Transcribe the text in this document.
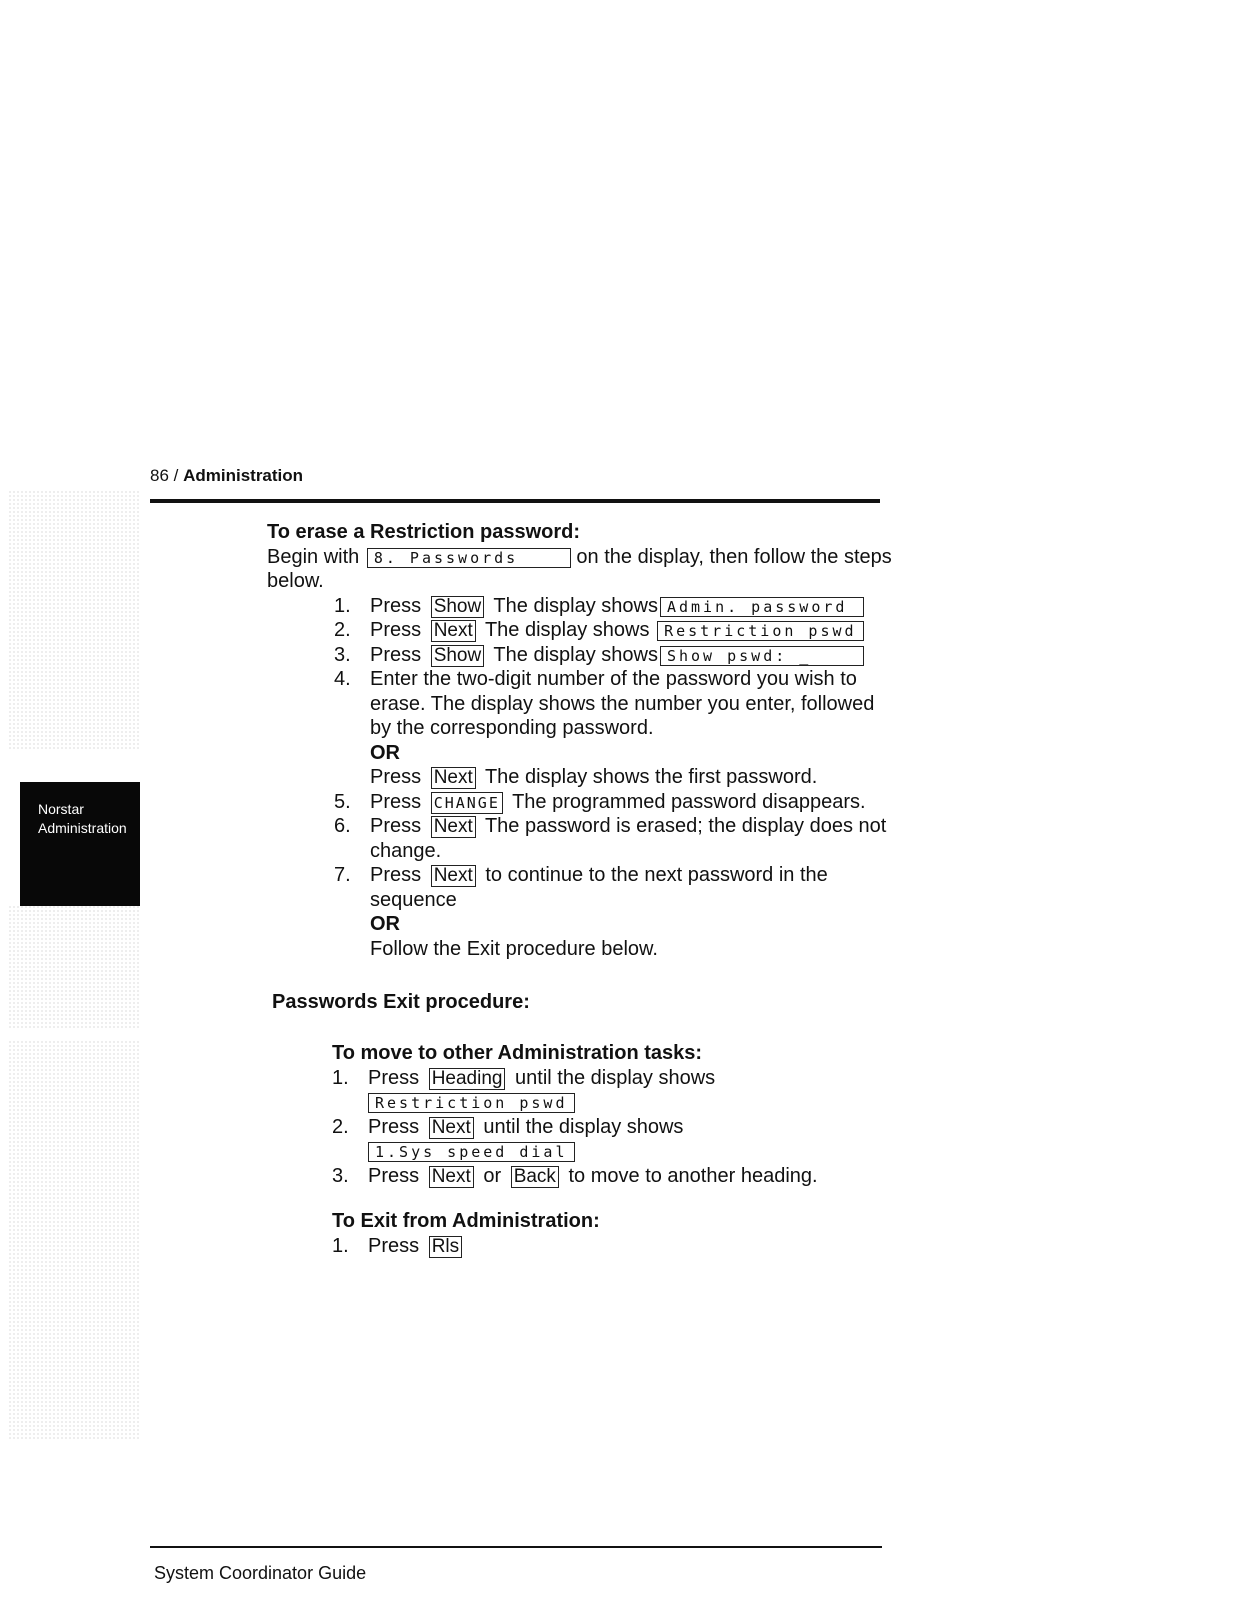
86 / Administration
Norstar
Administration
To erase a Restriction password:

Begin with 8. Passwords	on the display, then follow the steps below.

1. Press Show The display shows Admin. password
2. Press Next The display shows Restriction pswd
3. Press Show The display shows Show pswd: _
4. Enter the two-digit number of the password you wish to erase. The display shows the number you enter, followed by the corresponding password.
OR
Press Next The display shows the first password.
5. Press CHANGE The programmed password disappears.
6. Press Next The password is erased; the display does not change.
7. Press Next to continue to the next password in the sequence
OR
Follow the Exit procedure below.
Passwords Exit procedure:
To move to other Administration tasks:
1. Press Heading until the display shows
Restriction pswd
2. Press Next until the display shows
1.Sys speed dial
3. Press Next or Back to move to another heading.
To Exit from Administration:
1. Press Rls
System Coordinator Guide
